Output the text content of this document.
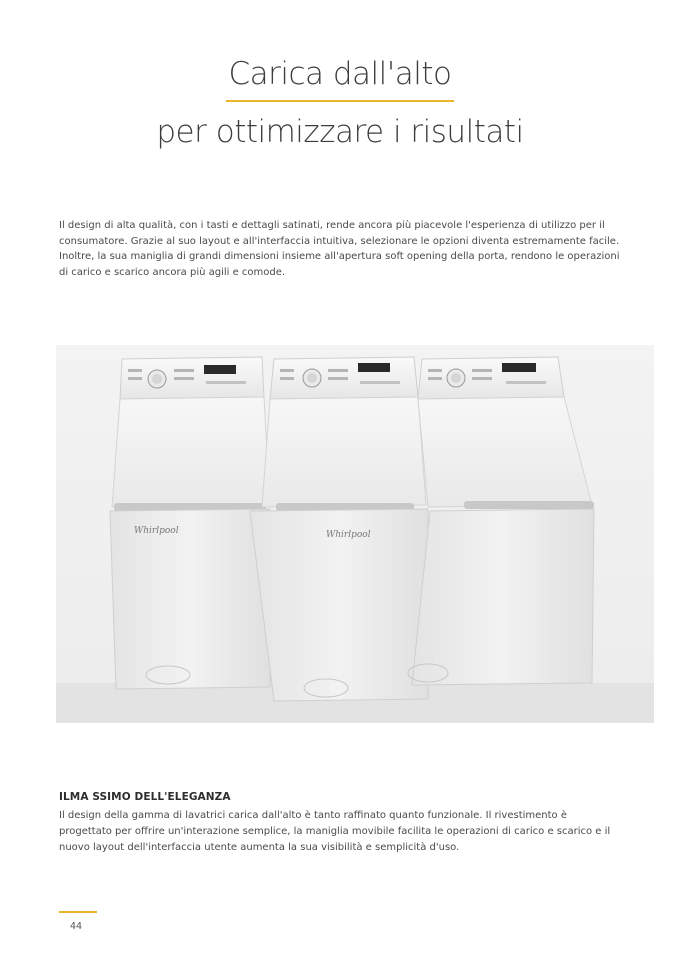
Carica dall'alto
per ottimizzare i risultati

Il design di alta qualità, con i tasti e dettagli satinati, rende ancora più piacevole l'esperienza di utilizzo per il consumatore. Grazie al suo layout e all'interfaccia intuitiva, selezionare le opzioni diventa estremamente facile. Inoltre, la sua maniglia di grandi dimensioni insieme all'apertura soft opening della porta, rendono le operazioni di carico e scarico ancora più agili e comode.

Whirlpool	Whirlpool
ILMA SSIMO DELL'ELEGANZA

Il design della gamma di lavatrici carica dall'alto è tanto raffinato quanto funzionale. Il rivestimento è progettato per offrire un'interazione semplice, la maniglia movibile facilita le operazioni di carico e scarico e il nuovo layout dell'interfaccia utente aumenta la sua visibilità e semplicità d'uso.

44
